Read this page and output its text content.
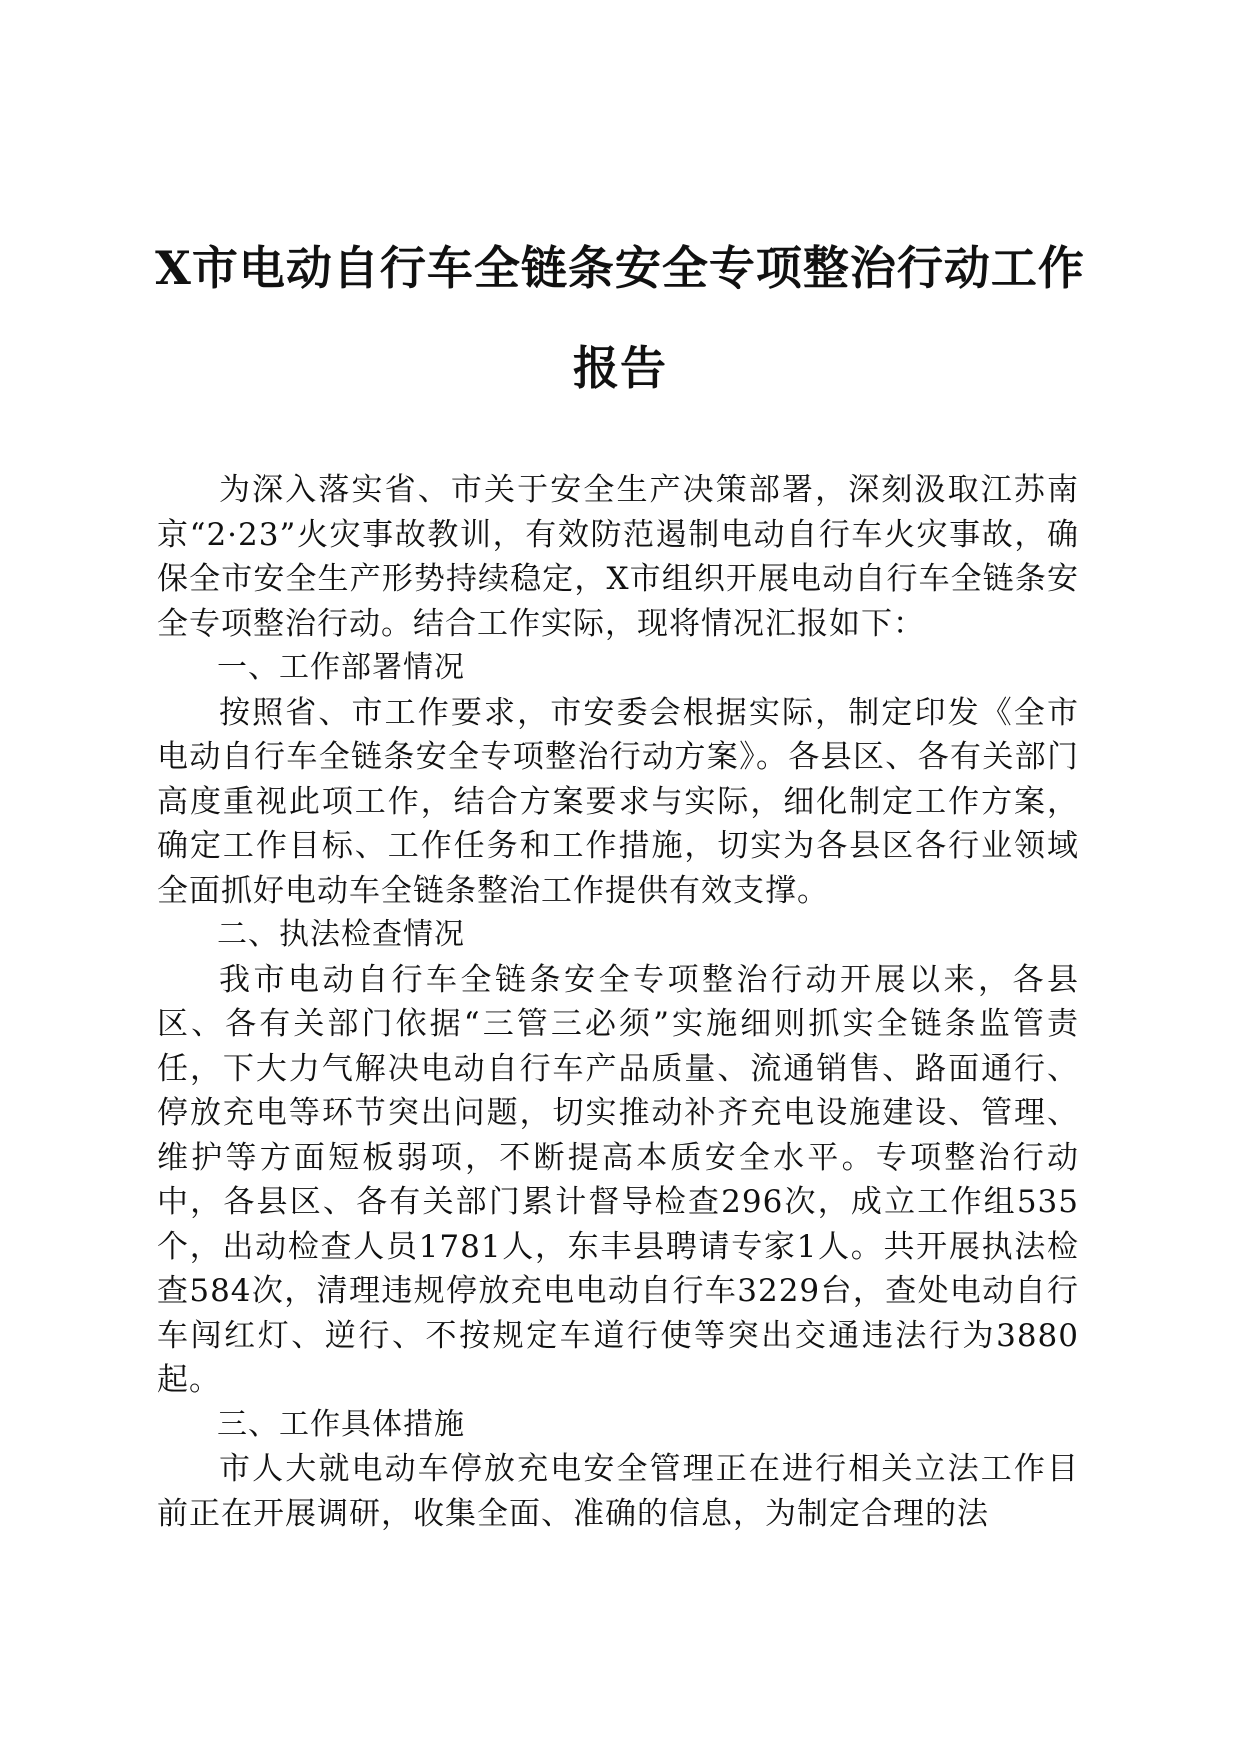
X市电动自行车全链条安全专项整治行动工作
报告

为深入落实省、市关于安全生产决策部署，深刻汲取江苏南京“2·23”火灾事故教训，有效防范遏制电动自行车火灾事故，确保全市安全生产形势持续稳定，X市组织开展电动自行车全链条安全专项整治行动。结合工作实际，现将情况汇报如下：

一、工作部署情况

按照省、市工作要求，市安委会根据实际，制定印发《全市电动自行车全链条安全专项整治行动方案》。各县区、各有关部门高度重视此项工作，结合方案要求与实际，细化制定工作方案，确定工作目标、工作任务和工作措施，切实为各县区各行业领域全面抓好电动车全链条整治工作提供有效支撑。

二、执法检查情况

我市电动自行车全链条安全专项整治行动开展以来，各县区、各有关部门依据“三管三必须”实施细则抓实全链条监管责任，下大力气解决电动自行车产品质量、流通销售、路面通行、停放充电等环节突出问题，切实推动补齐充电设施建设、管理、维护等方面短板弱项，不断提高本质安全水平。专项整治行动中，各县区、各有关部门累计督导检查296次，成立工作组535个，出动检查人员1781人，东丰县聘请专家1人。共开展执法检查584次，清理违规停放充电电动自行车3229台，查处电动自行车闯红灯、逆行、不按规定车道行使等突出交通违法行为3880起。

三、工作具体措施

市人大就电动车停放充电安全管理正在进行相关立法工作目前正在开展调研，收集全面、准确的信息，为制定合理的法
